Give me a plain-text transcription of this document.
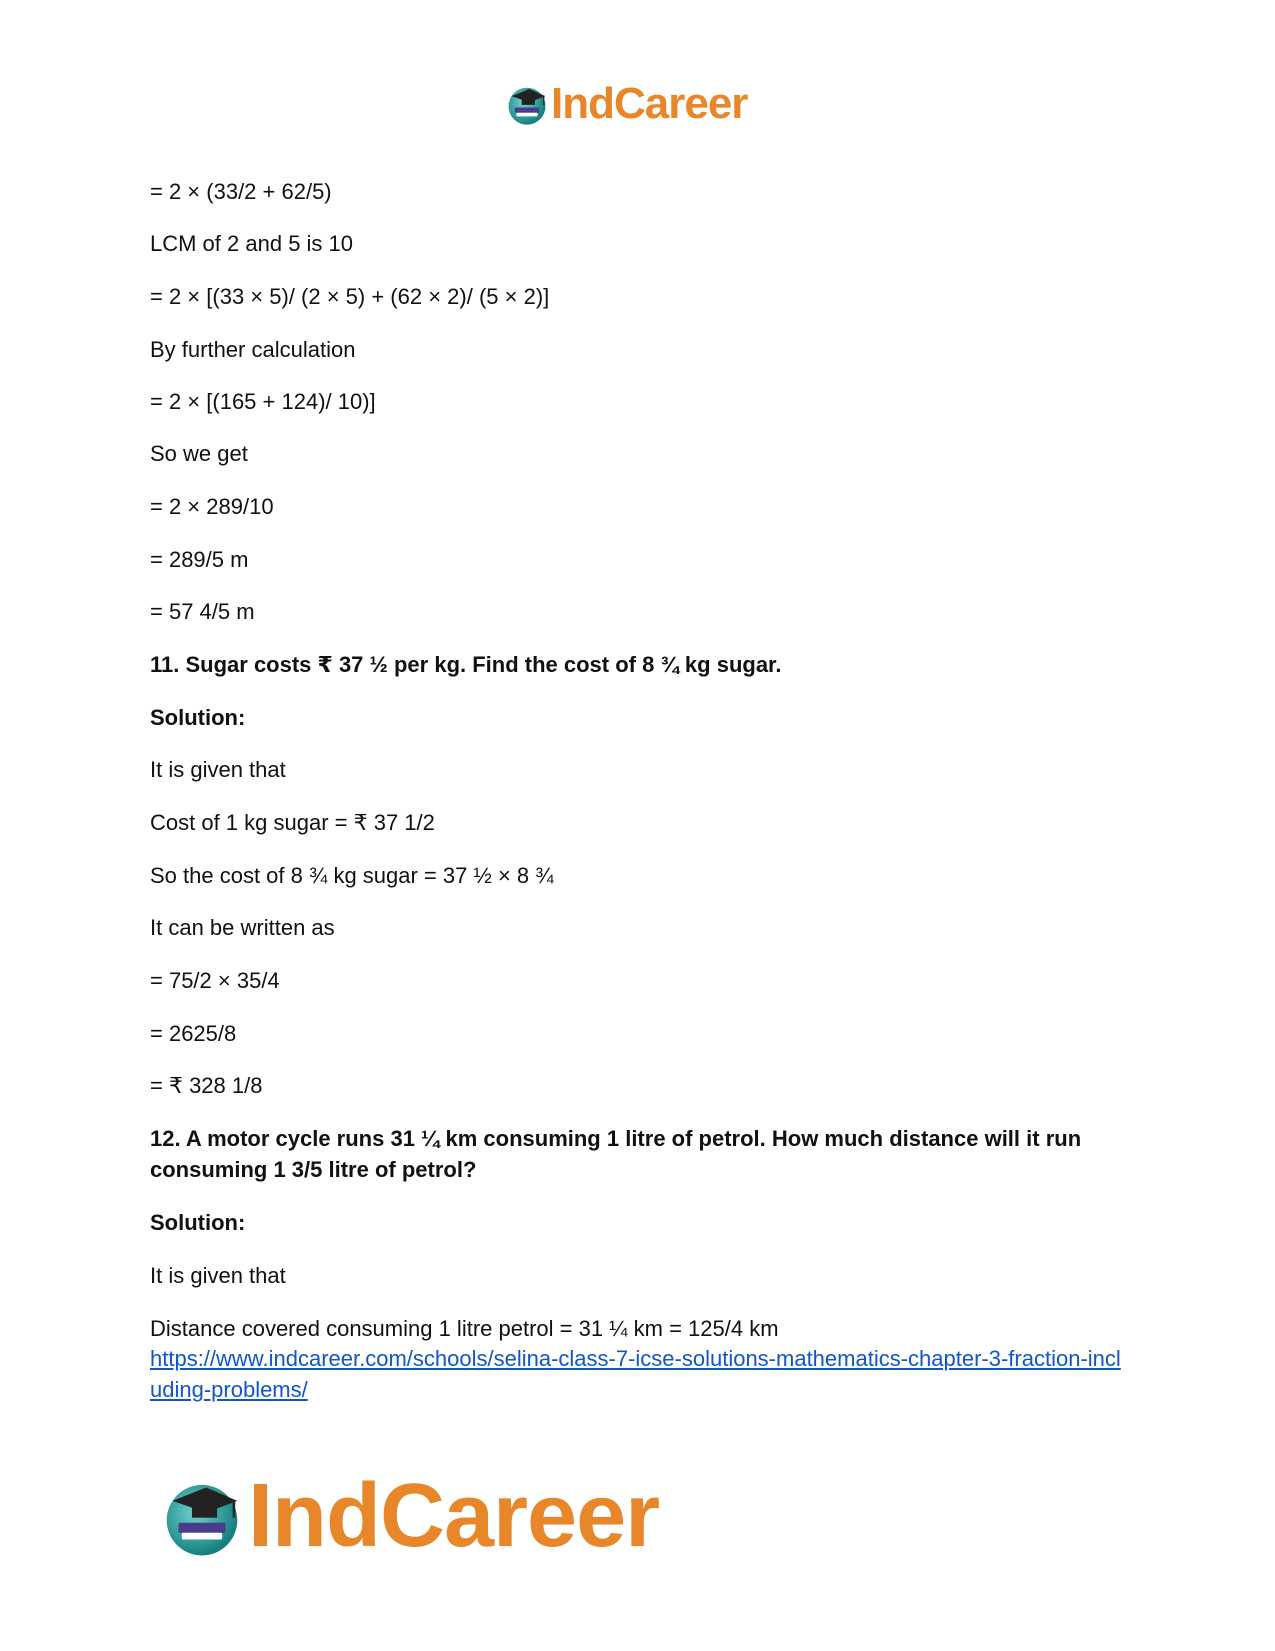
IndCareer
= 2 × (33/2 + 62/5)
LCM of 2 and 5 is 10
= 2 × [(33 × 5)/ (2 × 5) + (62 × 2)/ (5 × 2)]
By further calculation
= 2 × [(165 + 124)/ 10)]
So we get
= 2 × 289/10
= 289/5 m
= 57 4/5 m
11. Sugar costs ₹ 37 ½ per kg. Find the cost of 8 ¾ kg sugar.
Solution:
It is given that
Cost of 1 kg sugar = ₹ 37 1/2
So the cost of 8 ¾ kg sugar = 37 ½ × 8 ¾
It can be written as
= 75/2 × 35/4
= 2625/8
= ₹ 328 1/8
12. A motor cycle runs 31 ¼ km consuming 1 litre of petrol. How much distance will it run consuming 1 3/5 litre of petrol?
Solution:
It is given that
Distance covered consuming 1 litre petrol = 31 ¼ km = 125/4 km
https://www.indcareer.com/schools/selina-class-7-icse-solutions-mathematics-chapter-3-fraction-including-problems/
IndCareer
